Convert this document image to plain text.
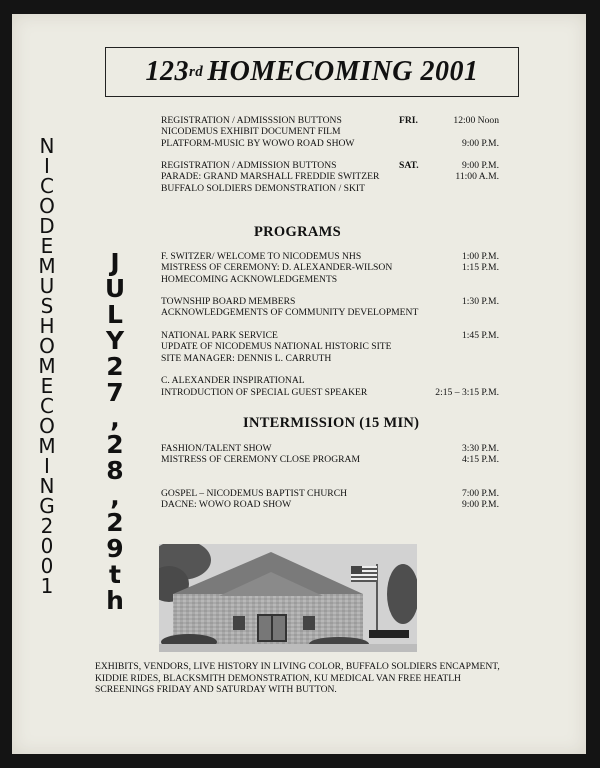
123 rd HOMECOMING 2001
N
I
C
O
D
E
M
U
S
H
O
M
E
C
O
M
I
N
G
2
0
0
1
J
U
L
Y
2
7
,
2
8
,
2
9
t
h
REGISTRATION / ADMISSSION BUTTONS	FRI.	12:00 Noon
NICODEMUS EXHIBIT DOCUMENT FILM
PLATFORM-MUSIC BY WOWO ROAD SHOW	9:00 P.M.
REGISTRATION / ADMISSION BUTTONS	SAT.	9:00 P.M.
PARADE: GRAND MARSHALL FREDDIE SWITZER	11:00 A.M.
BUFFALO SOLDIERS DEMONSTRATION / SKIT
PROGRAMS
F. SWITZER/ WELCOME TO NICODEMUS NHS	1:00 P.M.
MISTRESS OF CEREMONY: D. ALEXANDER-WILSON	1:15 P.M.
HOMECOMING ACKNOWLEDGEMENTS
TOWNSHIP BOARD MEMBERS	1:30 P.M.
ACKNOWLEDGEMENTS OF COMMUNITY DEVELOPMENT
NATIONAL PARK SERVICE	1:45 P.M.
UPDATE OF NICODEMUS NATIONAL HISTORIC SITE
SITE MANAGER: DENNIS L. CARRUTH
C. ALEXANDER INSPIRATIONAL
INTRODUCTION OF SPECIAL GUEST SPEAKER	2:15 – 3:15 P.M.
INTERMISSION (15 MIN)
FASHION/TALENT SHOW	3:30 P.M.
MISTRESS OF CEREMONY CLOSE PROGRAM	4:15 P.M.
GOSPEL – NICODEMUS BAPTIST CHURCH	7:00 P.M.
DACNE: WOWO ROAD SHOW	9:00 P.M.
EXHIBITS, VENDORS, LIVE HISTORY IN LIVING COLOR, BUFFALO SOLDIERS ENCAPMENT,
KIDDIE RIDES, BLACKSMITH DEMONSTRATION, KU MEDICAL VAN FREE HEATLH
SCREENINGS FRIDAY AND SATURDAY WITH BUTTON.
